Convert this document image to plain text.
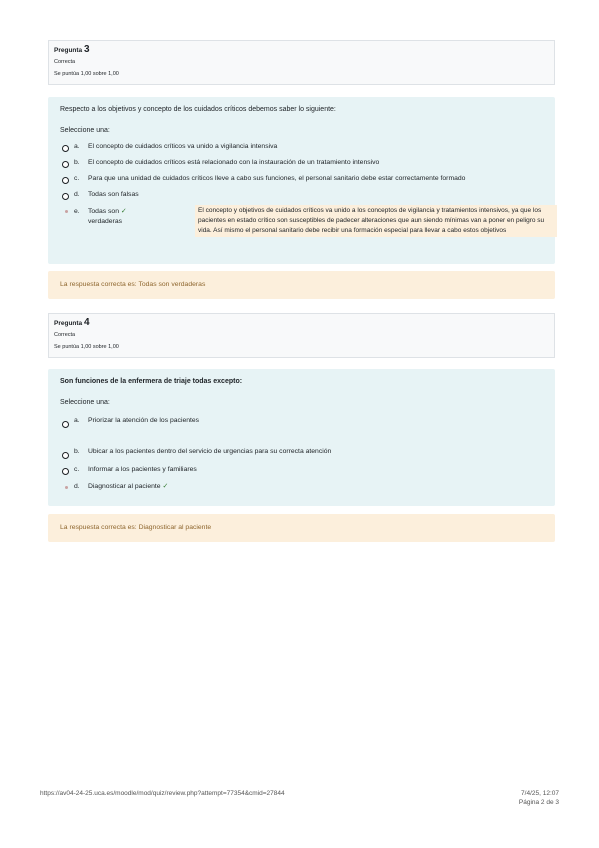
Pregunta 3
Correcta
Se puntúa 1,00 sobre 1,00
Respecto a los objetivos y concepto de los cuidados críticos debemos saber lo siguiente:
Seleccione una:
a. El concepto de cuidados críticos va unido a vigilancia intensiva
b. El concepto de cuidados críticos está relacionado con la instauración de un tratamiento intensivo
c. Para que una unidad de cuidados críticos lleve a cabo sus funciones, el personal sanitario debe estar correctamente formado
d. Todas son falsas
e. Todas son ✓
verdaderas
El concepto y objetivos de cuidados críticos va unido a los conceptos de vigilancia y tratamientos intensivos, ya que los pacientes en estado crítico son susceptibles de padecer alteraciones que aun siendo mínimas van a poner en peligro su vida. Así mismo el personal sanitario debe recibir una formación especial para llevar a cabo estos objetivos
La respuesta correcta es: Todas son verdaderas
Pregunta 4
Correcta
Se puntúa 1,00 sobre 1,00
Son funciones de la enfermera de triaje todas excepto:
Seleccione una:
a. Priorizar la atención de los pacientes
b. Ubicar a los pacientes dentro del servicio de urgencias para su correcta atención
c. Informar a los pacientes y familiares
d. Diagnosticar al paciente ✓
La respuesta correcta es: Diagnosticar al paciente
https://av04-24-25.uca.es/moodle/mod/quiz/review.php?attempt=77354&cmid=27844	7/4/25, 12:07
Página 2 de 3
